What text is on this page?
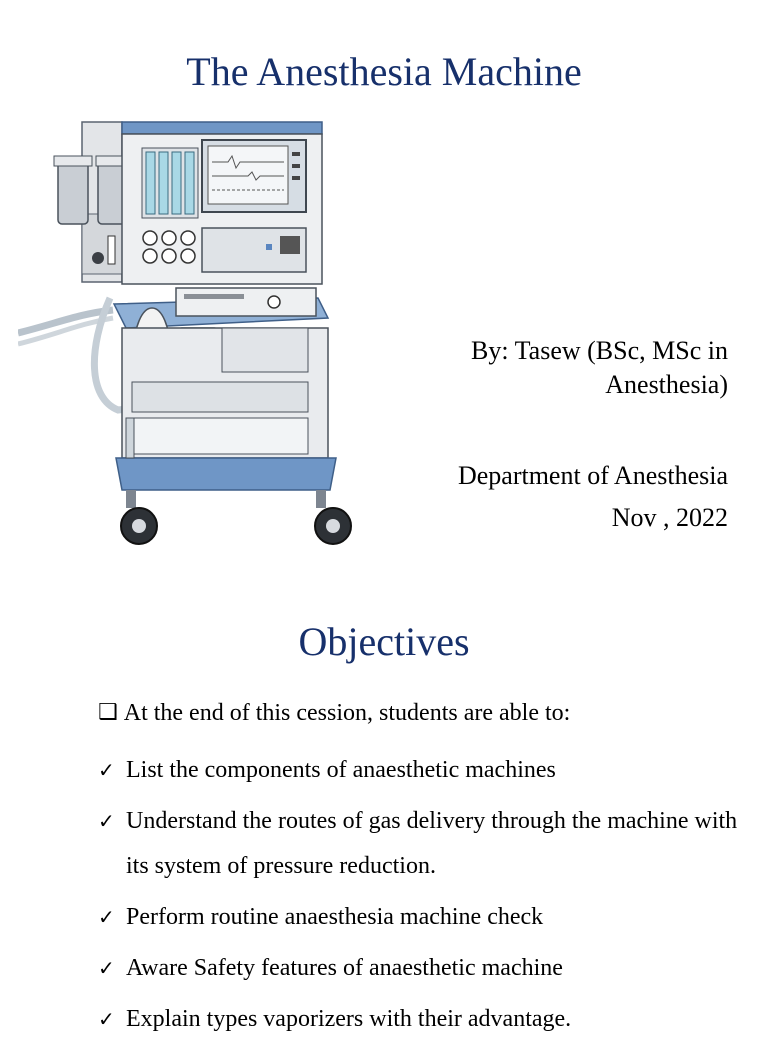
The Anesthesia Machine
By: Tasew (BSc, MSc in
Anesthesia)
Department of Anesthesia
Nov , 2022
Objectives
❑ At the end of this cession, students are able to:
✓ List the components of anaesthetic machines
✓ Understand the routes of gas delivery through the machine with its system of pressure reduction.
✓ Perform routine anaesthesia machine check
✓ Aware Safety features of anaesthetic machine
✓ Explain types vaporizers with their advantage.
